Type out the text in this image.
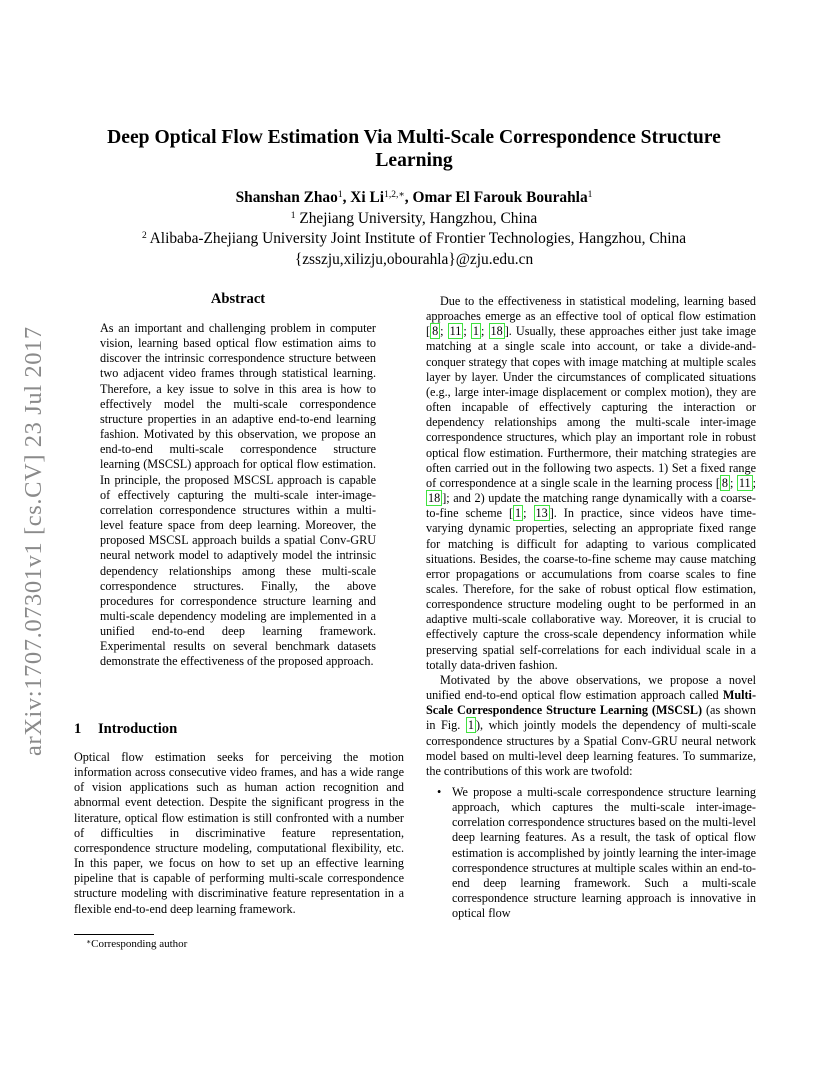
Deep Optical Flow Estimation Via Multi-Scale Correspondence Structure Learning
Shanshan Zhao$^1$, Xi $Li^{1,2,∗}$, Omar El Farouk Bourahla$^1$
$^1$ Zhejiang University, Hangzhou, China
$^2$ Alibaba-Zhejiang University Joint Institute of Frontier Technologies, Hangzhou, China
{zsszju,xilizju,obourahla}@zju.edu.cn
arXiv:1707.07301v1 [cs.CV] 23 Jul 2017
Abstract
As an important and challenging problem in computer vision, learning based optical flow estimation aims to discover the intrinsic correspondence structure between two adjacent video frames through statistical learning. Therefore, a key issue to solve in this area is how to effectively model the multi-scale correspondence structure properties in an adaptive end-to-end learning fashion. Motivated by this observation, we propose an end-to-end multi-scale correspondence structure learning (MSCSL) approach for optical flow estimation. In principle, the proposed MSCSL approach is capable of effectively capturing the multi-scale inter-image-correlation correspondence structures within a multi-level feature space from deep learning. Moreover, the proposed MSCSL approach builds a spatial Conv-GRU neural network model to adaptively model the intrinsic dependency relationships among these multi-scale correspondence structures. Finally, the above procedures for correspondence structure learning and multi-scale dependency modeling are implemented in a unified end-to-end deep learning framework. Experimental results on several benchmark datasets demonstrate the effectiveness of the proposed approach.
1 Introduction
Optical flow estimation seeks for perceiving the motion information across consecutive video frames, and has a wide range of vision applications such as human action recognition and abnormal event detection. Despite the significant progress in the literature, optical flow estimation is still confronted with a number of difficulties in discriminative feature representation, correspondence structure modeling, computational flexibility, etc. In this paper, we focus on how to set up an effective learning pipeline that is capable of performing multi-scale correspondence structure modeling with discriminative feature representation in a flexible end-to-end deep learning framework.
∗Corresponding author

Due to the effectiveness in statistical modeling, learning based approaches emerge as an effective tool of optical flow estimation [ 8 ; 11 ; 1 ; 18 ]. Usually, these approaches either just take image matching at a single scale into account, or take a divide-and-conquer strategy that copes with image matching at multiple scales layer by layer. Under the circumstances of complicated situations (e.g., large inter-image displacement or complex motion), they are often incapable of effectively capturing the interaction or dependency relationships among the multi-scale inter-image correspondence structures, which play an important role in robust optical flow estimation. Furthermore, their matching strategies are often carried out in the following two aspects. 1) Set a fixed range of correspondence at a single scale in the learning process [ 8 ; 11 ; 18 ]; and 2) update the matching range dynamically with a coarse-to-fine scheme [ 1 ; 13 ]. In practice, since videos have time-varying dynamic properties, selecting an appropriate fixed range for matching is difficult for adapting to various complicated situations. Besides, the coarse-to-fine scheme may cause matching error propagations or accumulations from coarse scales to fine scales. Therefore, for the sake of robust optical flow estimation, correspondence structure modeling ought to be performed in an adaptive multi-scale collaborative way. Moreover, it is crucial to effectively capture the cross-scale dependency information while preserving spatial self-correlations for each individual scale in a totally data-driven fashion.

Motivated by the above observations, we propose a novel unified end-to-end optical flow estimation approach called Multi-Scale Correspondence Structure Learning (MSCSL) (as shown in Fig. 1 ), which jointly models the dependency of multi-scale correspondence structures by a Spatial Conv-GRU neural network model based on multi-level deep learning features. To summarize, the contributions of this work are twofold:

• We propose a multi-scale correspondence structure learning approach, which captures the multi-scale inter-image-correlation correspondence structures based on the multi-level deep learning features. As a result, the task of optical flow estimation is accomplished by jointly learning the inter-image correspondence structures at multiple scales within an end-to-end deep learning framework. Such a multi-scale correspondence structure learning approach is innovative in optical flow
